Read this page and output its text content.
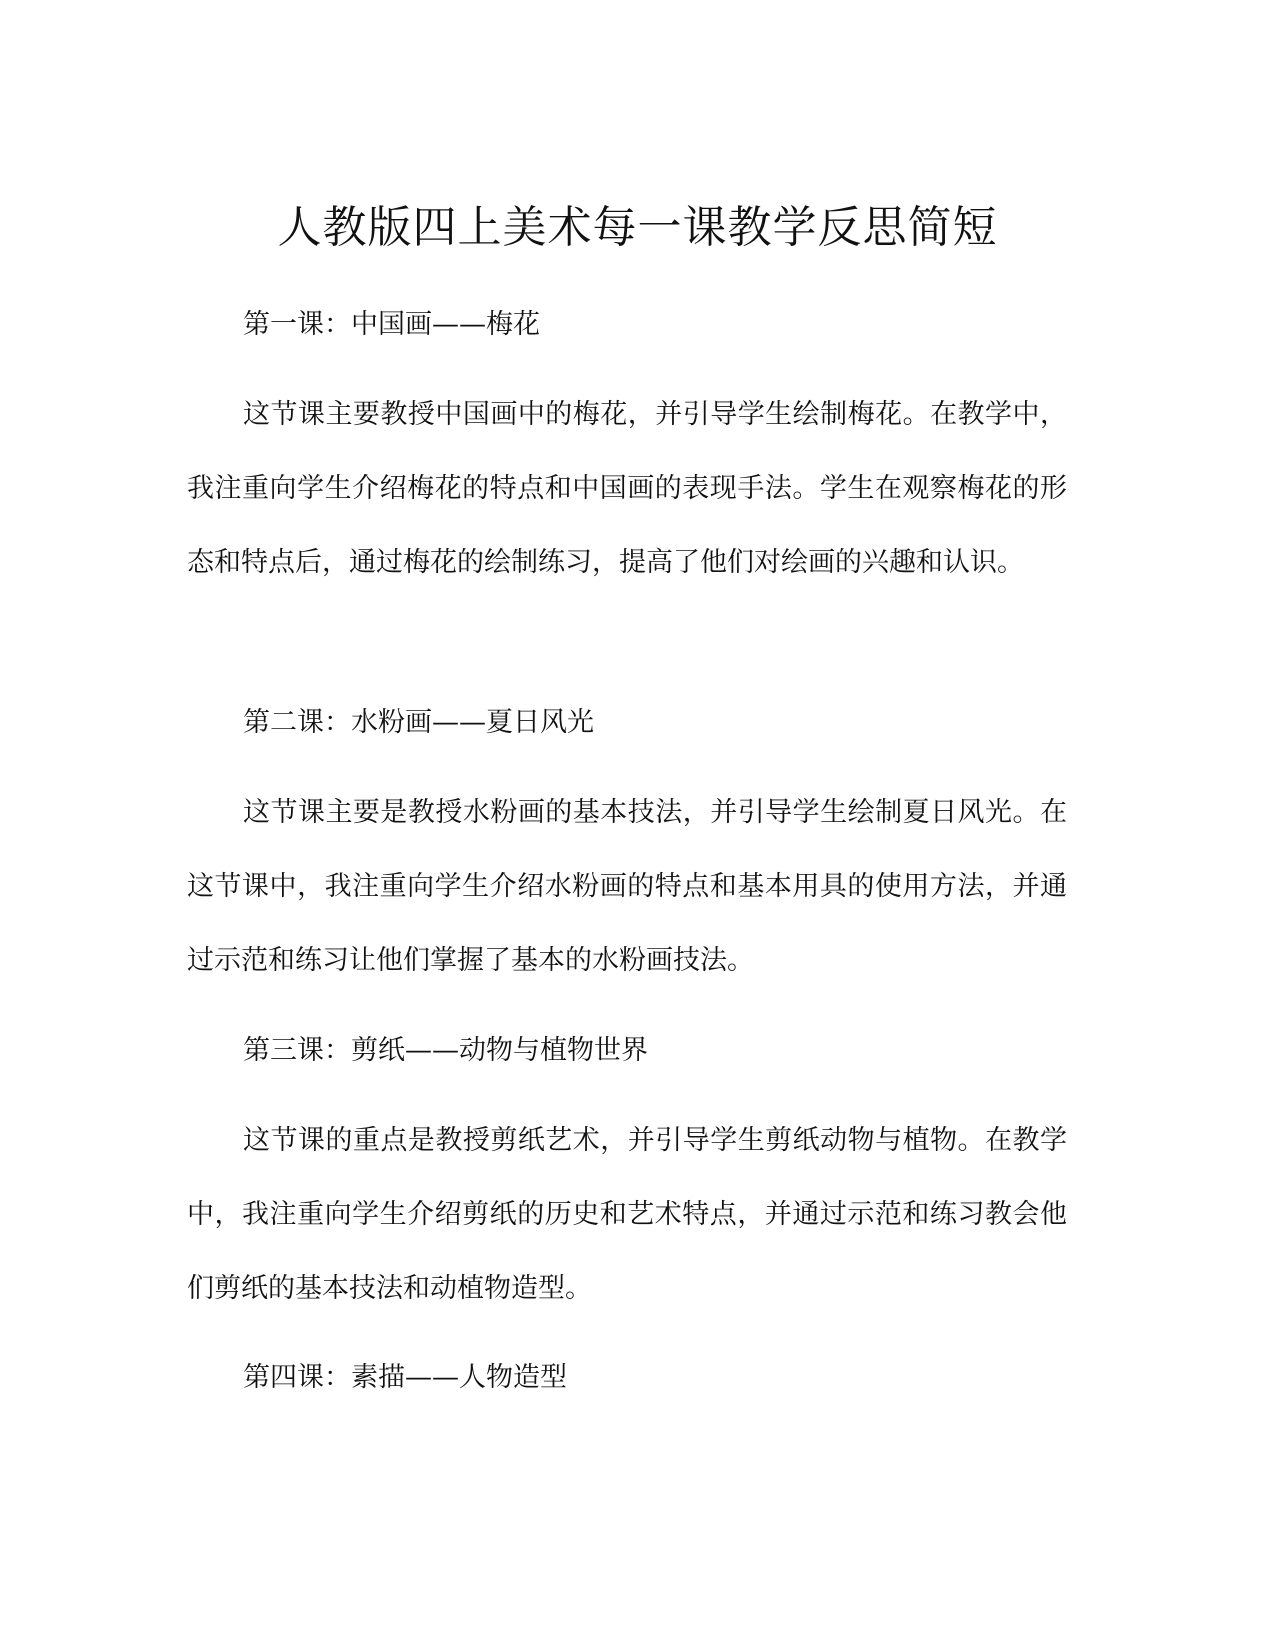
人教版四上美术每一课教学反思简短
第一课：中国画——梅花

这节课主要教授中国画中的梅花，并引导学生绘制梅花。在教学中，我注重向学生介绍梅花的特点和中国画的表现手法。学生在观察梅花的形态和特点后，通过梅花的绘制练习，提高了他们对绘画的兴趣和认识。

第二课：水粉画——夏日风光

这节课主要是教授水粉画的基本技法，并引导学生绘制夏日风光。在这节课中，我注重向学生介绍水粉画的特点和基本用具的使用方法，并通过示范和练习让他们掌握了基本的水粉画技法。

第三课：剪纸——动物与植物世界

这节课的重点是教授剪纸艺术，并引导学生剪纸动物与植物。在教学中，我注重向学生介绍剪纸的历史和艺术特点，并通过示范和练习教会他们剪纸的基本技法和动植物造型。

第四课：素描——人物造型
